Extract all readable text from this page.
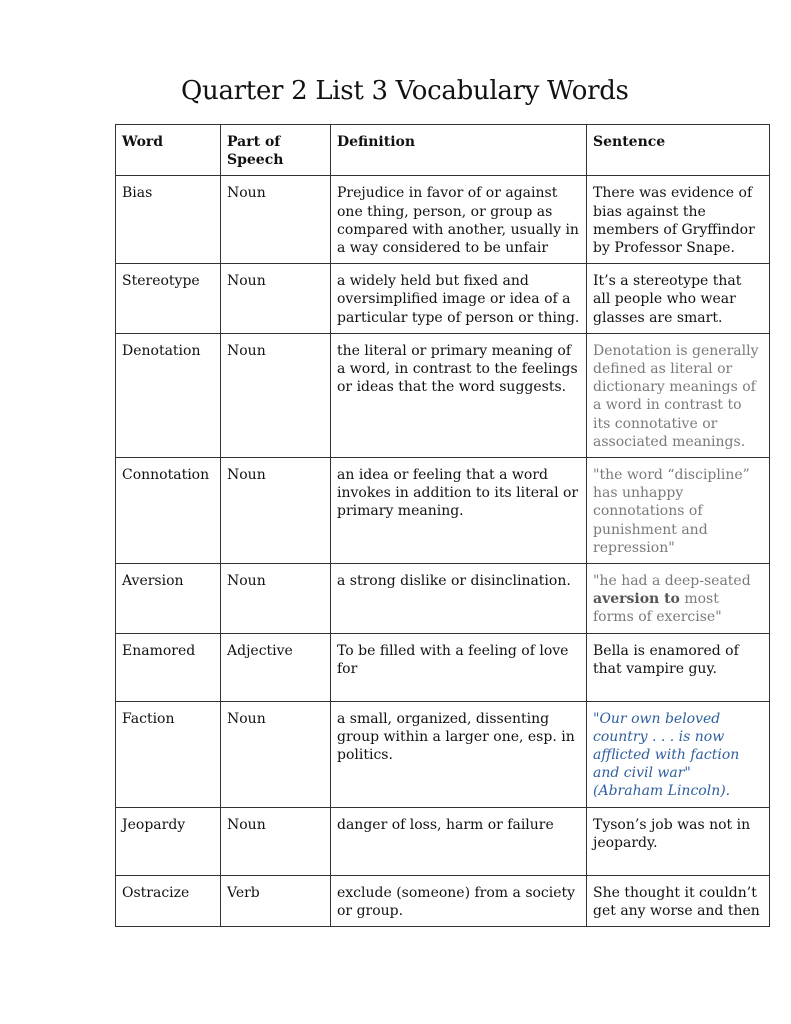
Quarter 2 List 3 Vocabulary Words
Word	Part of Speech	Definition	Sentence
Bias	Noun	Prejudice in favor of or against one thing, person, or group as compared with another, usually in a way considered to be unfair	There was evidence of bias against the members of Gryffindor by Professor Snape.
Stereotype	Noun	a widely held but fixed and oversimplified image or idea of a particular type of person or thing.	It’s a stereotype that all people who wear glasses are smart.
Denotation	Noun	the literal or primary meaning of a word, in contrast to the feelings or ideas that the word suggests.	Denotation is generally defined as literal or dictionary meanings of a word in contrast to its connotative or associated meanings.
Connotation	Noun	an idea or feeling that a word invokes in addition to its literal or primary meaning.	"the word “discipline” has unhappy connotations of punishment and repression"
Aversion	Noun	a strong dislike or disinclination.	"he had a deep-seated aversion to most forms of exercise"
Enamored	Adjective	To be filled with a feeling of love for	Bella is enamored of that vampire guy.
Faction	Noun	a small, organized, dissenting group within a larger one, esp. in politics.	"Our own beloved country . . . is now afflicted with faction and civil war" (Abraham Lincoln).
Jeopardy	Noun	danger of loss, harm or failure	Tyson’s job was not in jeopardy.
Ostracize	Verb	exclude (someone) from a society or group.	She thought it couldn’t get any worse and then
